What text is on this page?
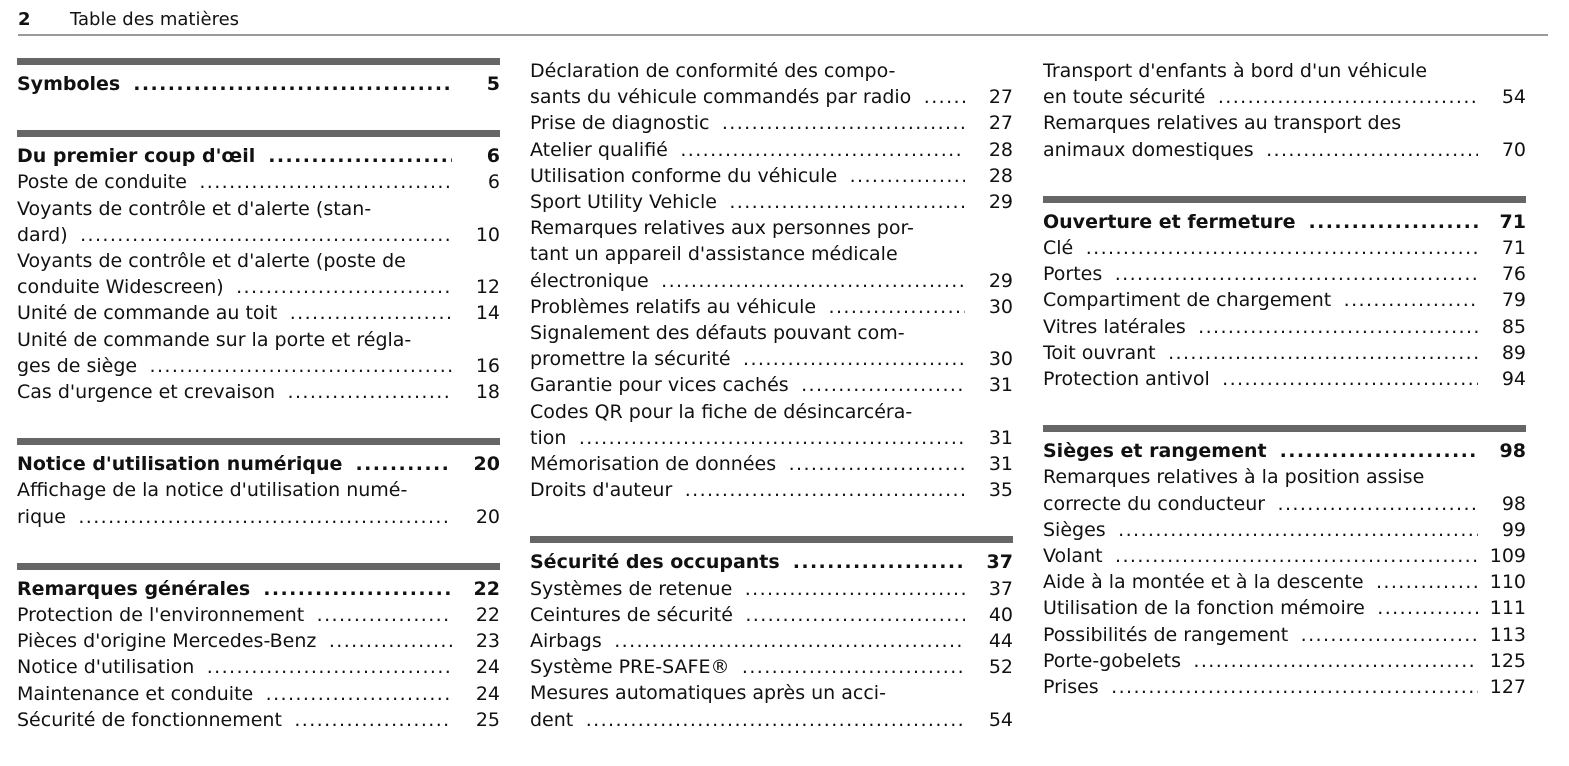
2 Table des matières
Symboles .....	5
Du premier coup d'œil .....	6
Poste de conduite .....	6
Voyants de contrôle et d'alerte (stan-
dard) .....	10
Voyants de contrôle et d'alerte (poste de
conduite Widescreen) .....	12
Unité de commande au toit .....	14
Unité de commande sur la porte et régla-
ges de siège .....	16
Cas d'urgence et crevaison .....	18
Notice d'utilisation numérique .....	20
Affichage de la notice d'utilisation numé-
rique .....	20
Remarques générales .....	22
Protection de l'environnement .....	22
Pièces d'origine Mercedes-Benz .....	23
Notice d'utilisation .....	24
Maintenance et conduite .....	24
Sécurité de fonctionnement .....	25
Déclaration de conformité des compo-
sants du véhicule commandés par radio .....	27
Prise de diagnostic .....	27
Atelier qualifié .....	28
Utilisation conforme du véhicule .....	28
Sport Utility Vehicle .....	29
Remarques relatives aux personnes por-
tant un appareil d'assistance médicale
électronique .....	29
Problèmes relatifs au véhicule .....	30
Signalement des défauts pouvant com-
promettre la sécurité .....	30
Garantie pour vices cachés .....	31
Codes QR pour la fiche de désincarcéra-
tion .....	31
Mémorisation de données .....	31
Droits d'auteur .....	35
Sécurité des occupants .....	37
Systèmes de retenue .....	37
Ceintures de sécurité .....	40
Airbags .....	44
Système PRE-SAFE® .....	52
Mesures automatiques après un acci-
dent .....	54
Transport d'enfants à bord d'un véhicule
en toute sécurité .....	54
Remarques relatives au transport des
animaux domestiques .....	70
Ouverture et fermeture .....	71
Clé .....	71
Portes .....	76
Compartiment de chargement .....	79
Vitres latérales .....	85
Toit ouvrant .....	89
Protection antivol .....	94
Sièges et rangement .....	98
Remarques relatives à la position assise
correcte du conducteur .....	98
Sièges .....	99
Volant .....	109
Aide à la montée et à la descente .....	110
Utilisation de la fonction mémoire .....	111
Possibilités de rangement .....	113
Porte-gobelets .....	125
Prises .....	127
